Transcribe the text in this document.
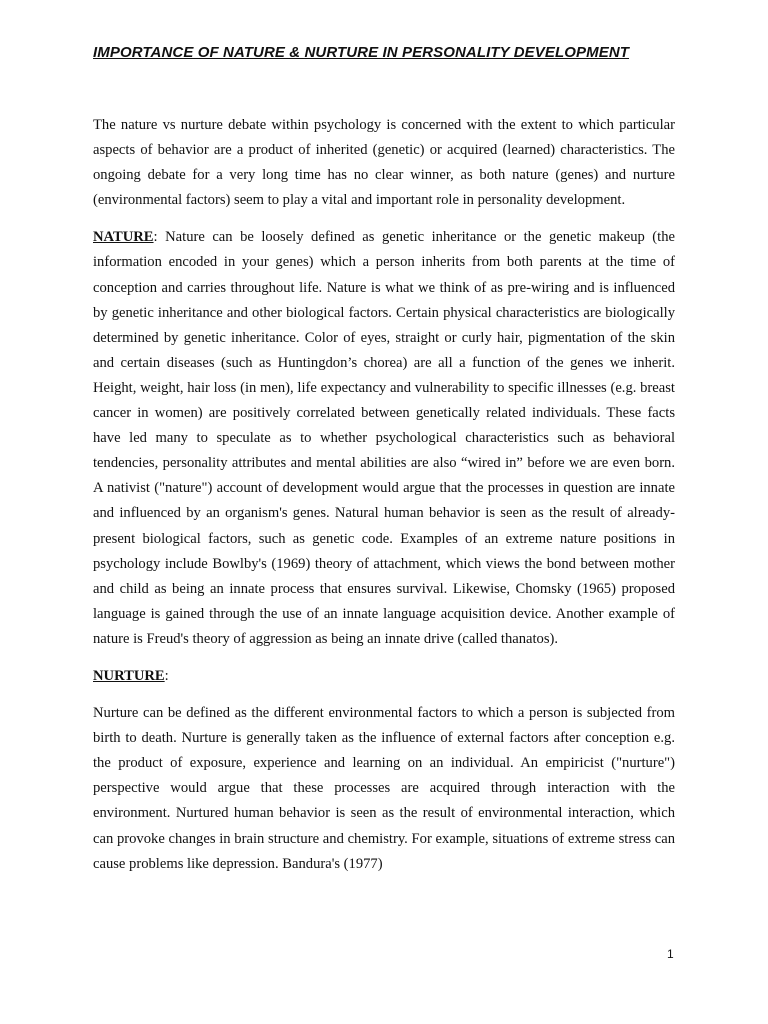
IMPORTANCE OF NATURE & NURTURE IN PERSONALITY DEVELOPMENT

The nature vs nurture debate within psychology is concerned with the extent to which particular aspects of behavior are a product of inherited (genetic) or acquired (learned) characteristics. The ongoing debate for a very long time has no clear winner, as both nature (genes) and nurture (environmental factors) seem to play a vital and important role in personality development.

NATURE: Nature can be loosely defined as genetic inheritance or the genetic makeup (the information encoded in your genes) which a person inherits from both parents at the time of conception and carries throughout life. Nature is what we think of as pre-wiring and is influenced by genetic inheritance and other biological factors. Certain physical characteristics are biologically determined by genetic inheritance. Color of eyes, straight or curly hair, pigmentation of the skin and certain diseases (such as Huntingdon’s chorea) are all a function of the genes we inherit. Height, weight, hair loss (in men), life expectancy and vulnerability to specific illnesses (e.g. breast cancer in women) are positively correlated between genetically related individuals. These facts have led many to speculate as to whether psychological characteristics such as behavioral tendencies, personality attributes and mental abilities are also “wired in” before we are even born. A nativist ("nature") account of development would argue that the processes in question are innate and influenced by an organism's genes. Natural human behavior is seen as the result of already-present biological factors, such as genetic code. Examples of an extreme nature positions in psychology include Bowlby's (1969) theory of attachment, which views the bond between mother and child as being an innate process that ensures survival. Likewise, Chomsky (1965) proposed language is gained through the use of an innate language acquisition device. Another example of nature is Freud's theory of aggression as being an innate drive (called thanatos).

NURTURE:

Nurture can be defined as the different environmental factors to which a person is subjected from birth to death. Nurture is generally taken as the influence of external factors after conception e.g. the product of exposure, experience and learning on an individual. An empiricist ("nurture") perspective would argue that these processes are acquired through interaction with the environment. Nurtured human behavior is seen as the result of environmental interaction, which can provoke changes in brain structure and chemistry. For example, situations of extreme stress can cause problems like depression. Bandura's (1977)

1
